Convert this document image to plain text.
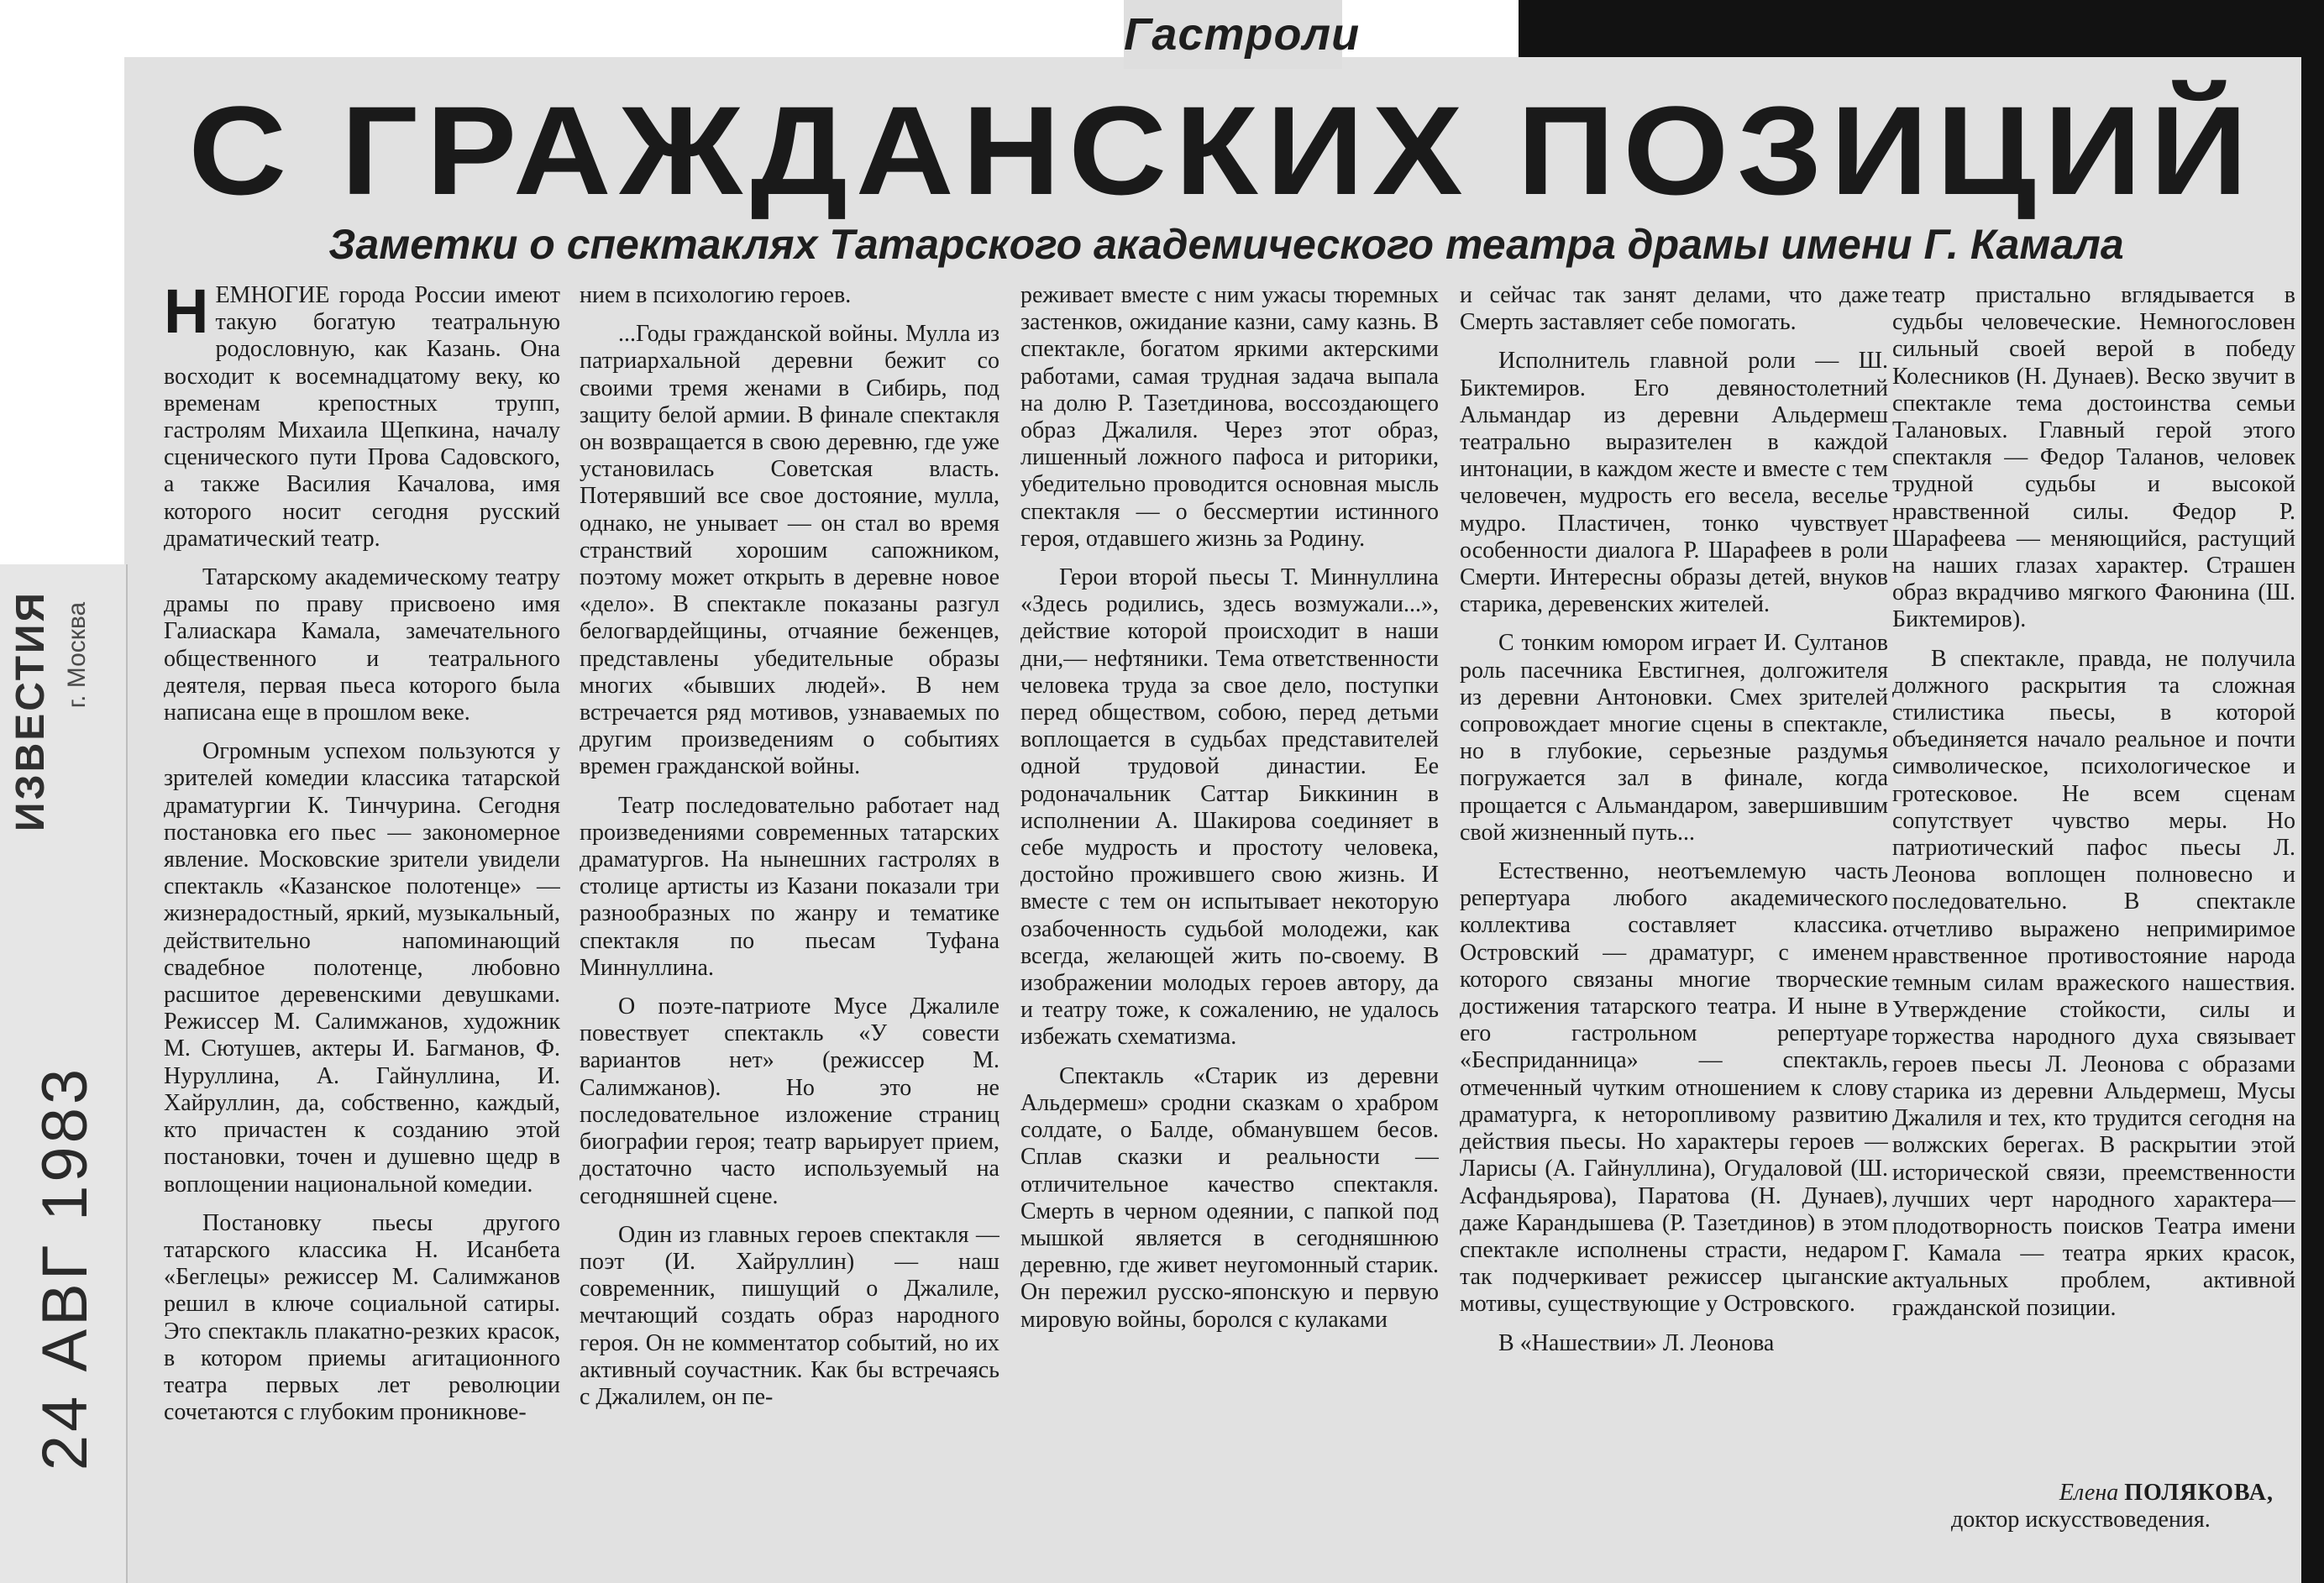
Гастроли
С ГРАЖДАНСКИХ ПОЗИЦИЙ
Заметки о спектаклях Татарского академического театра драмы имени Г. Камала

НЕМНОГИЕ города России имеют такую богатую театральную родословную, как Казань. Она восходит к восемнадцатому веку, ко временам крепостных трупп, гастролям Михаила Щепкина, началу сценического пути Прова Садовского, а также Василия Качалова, имя которого носит сегодня русский драматический театр.

Татарскому академическому театру драмы по праву присвоено имя Галиаскара Камала, замечательного общественного и театрального деятеля, первая пьеса которого была написана еще в прошлом веке.

Огромным успехом пользуются у зрителей комедии классика татарской драматургии К. Тинчурина. Сегодня постановка его пьес — закономерное явление. Московские зрители увидели спектакль «Казанское полотенце» — жизнерадостный, яркий, музыкальный, действительно напоминающий свадебное полотенце, любовно расшитое деревенскими девушками. Режиссер М. Салимжанов, художник М. Сютушев, актеры И. Багманов, Ф. Нуруллина, А. Гайнуллина, И. Хайруллин, да, собственно, каждый, кто причастен к созданию этой постановки, точен и душевно щедр в воплощении национальной комедии.

Постановку пьесы другого татарского классика Н. Исанбета «Беглецы» режиссер М. Салимжанов решил в ключе социальной сатиры. Это спектакль плакатно-резких красок, в котором приемы агитационного театра первых лет революции сочетаются с глубоким проникнове-

нием в психологию героев.

...Годы гражданской войны. Мулла из патриархальной деревни бежит со своими тремя женами в Сибирь, под защиту белой армии. В финале спектакля он возвращается в свою деревню, где уже установилась Советская власть. Потерявший все свое достояние, мулла, однако, не унывает — он стал во время странствий хорошим сапожником, поэтому может открыть в деревне новое «дело». В спектакле показаны разгул белогвардейщины, отчаяние беженцев, представлены убедительные образы многих «бывших людей». В нем встречается ряд мотивов, узнаваемых по другим произведениям о событиях времен гражданской войны.

Театр последовательно работает над произведениями современных татарских драматургов. На нынешних гастролях в столице артисты из Казани показали три разнообразных по жанру и тематике спектакля по пьесам Туфана Миннуллина.

О поэте-патриоте Мусе Джалиле повествует спектакль «У совести вариантов нет» (режиссер М. Салимжанов). Но это не последовательное изложение страниц биографии героя; театр варьирует прием, достаточно часто используемый на сегодняшней сцене.

Один из главных героев спектакля — поэт (И. Хайруллин) — наш современник, пишущий о Джалиле, мечтающий создать образ народного героя. Он не комментатор событий, но их активный соучастник. Как бы встречаясь с Джалилем, он пе-

реживает вместе с ним ужасы тюремных застенков, ожидание казни, саму казнь. В спектакле, богатом яркими актерскими работами, самая трудная задача выпала на долю Р. Тазетдинова, воссоздающего образ Джалиля. Через этот образ, лишенный ложного пафоса и риторики, убедительно проводится основная мысль спектакля — о бессмертии истинного героя, отдавшего жизнь за Родину.

Герои второй пьесы Т. Миннуллина «Здесь родились, здесь возмужали...», действие которой происходит в наши дни,— нефтяники. Тема ответственности человека труда за свое дело, поступки перед обществом, собою, перед детьми воплощается в судьбах представителей одной трудовой династии. Ее родоначальник Саттар Биккинин в исполнении А. Шакирова соединяет в себе мудрость и простоту человека, достойно прожившего свою жизнь. И вместе с тем он испытывает некоторую озабоченность судьбой молодежи, как всегда, желающей жить по-своему. В изображении молодых героев автору, да и театру тоже, к сожалению, не удалось избежать схематизма.

Спектакль «Старик из деревни Альдермеш» сродни сказкам о храбром солдате, о Балде, обманувшем бесов. Сплав сказки и реальности — отличительное качество спектакля. Смерть в черном одеянии, с папкой под мышкой является в сегодняшнюю деревню, где живет неугомонный старик. Он пережил русско-японскую и первую мировую войны, боролся с кулаками

и сейчас так занят делами, что даже Смерть заставляет себе помогать.

Исполнитель главной роли — Ш. Биктемиров. Его девяностолетний Альмандар из деревни Альдермеш театрально выразителен в каждой интонации, в каждом жесте и вместе с тем человечен, мудрость его весела, веселье мудро. Пластичен, тонко чувствует особенности диалога Р. Шарафеев в роли Смерти. Интересны образы детей, внуков старика, деревенских жителей.

С тонким юмором играет И. Султанов роль пасечника Евстигнея, долгожителя из деревни Антоновки. Смех зрителей сопровождает многие сцены в спектакле, но в глубокие, серьезные раздумья погружается зал в финале, когда прощается с Альмандаром, завершившим свой жизненный путь...

Естественно, неотъемлемую часть репертуара любого академического коллектива составляет классика. Островский — драматург, с именем которого связаны многие творческие достижения татарского театра. И ныне в его гастрольном репертуаре «Бесприданница» — спектакль, отмеченный чутким отношением к слову драматурга, к неторопливому развитию действия пьесы. Но характеры героев — Ларисы (А. Гайнуллина), Огудаловой (Ш. Асфандьярова), Паратова (Н. Дунаев), даже Карандышева (Р. Тазетдинов) в этом спектакле исполнены страсти, недаром так подчеркивает режиссер цыганские мотивы, существующие у Островского.

В «Нашествии» Л. Леонова

театр пристально вглядывается в судьбы человеческие. Немногословен сильный своей верой в победу Колесников (Н. Дунаев). Веско звучит в спектакле тема достоинства семьи Талановых. Главный герой этого спектакля — Федор Таланов, человек трудной судьбы и высокой нравственной силы. Федор Р. Шарафеева — меняющийся, растущий на наших глазах характер. Страшен образ вкрадчиво мягкого Фаюнина (Ш. Биктемиров).

В спектакле, правда, не получила должного раскрытия та сложная стилистика пьесы, в которой объединяется начало реальное и почти символическое, психологическое и гротесковое. Не всем сценам сопутствует чувство меры. Но патриотический пафос пьесы Л. Леонова воплощен полновесно и последовательно. В спектакле отчетливо выражено непримиримое нравственное противостояние народа темным силам вражеского нашествия. Утверждение стойкости, силы и торжества народного духа связывает героев пьесы Л. Леонова с образами старика из деревни Альдермеш, Мусы Джалиля и тех, кто трудится сегодня на волжских берегах. В раскрытии этой исторической связи, преемственности лучших черт народного характера—плодотворность поисков Театра имени Г. Камала — театра ярких красок, актуальных проблем, активной гражданской позиции.

Елена ПОЛЯКОВА,
доктор искусствоведения.
ИЗВЕСТИЯ г. Москва
24 АВГ 1983
